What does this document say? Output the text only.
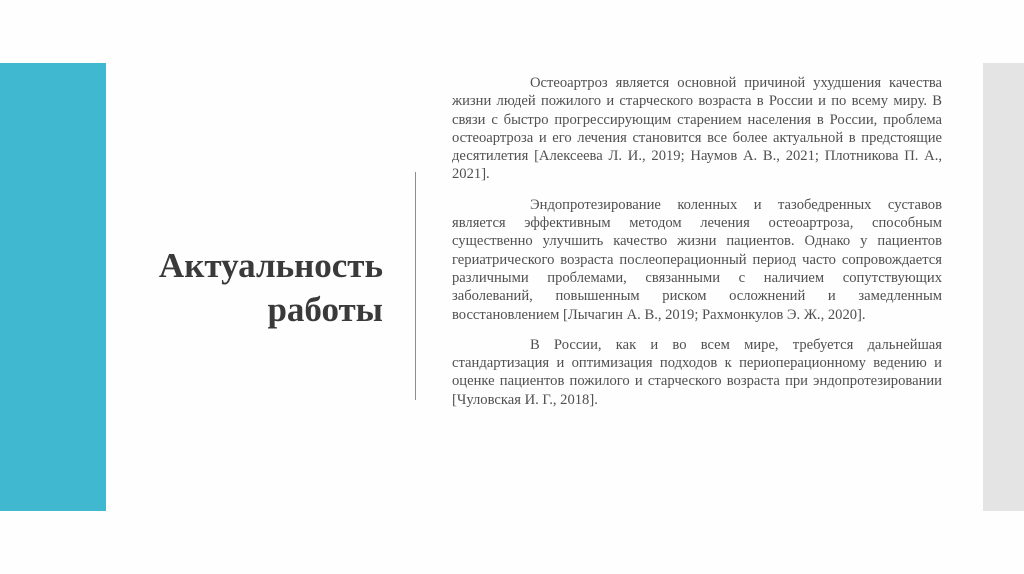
Актуальность
работы

Остеоартроз является основной причиной ухудшения качества жизни людей пожилого и старческого возраста в России и по всему миру. В связи с быстро прогрессирующим старением населения в России, проблема остеоартроза и его лечения становится все более актуальной в предстоящие десятилетия [Алексеева Л. И., 2019; Наумов А. В., 2021; Плотникова П. А., 2021].

Эндопротезирование коленных и тазобедренных суставов является эффективным методом лечения остеоартроза, способным существенно улучшить качество жизни пациентов. Однако у пациентов гериатрического возраста послеоперационный период часто сопровождается различными проблемами, связанными с наличием сопутствующих заболеваний, повышенным риском осложнений и замедленным восстановлением [Лычагин А. В., 2019; Рахмонкулов Э. Ж., 2020].

В России, как и во всем мире, требуется дальнейшая стандартизация и оптимизация подходов к периоперационному ведению и оценке пациентов пожилого и старческого возраста при эндопротезировании [Чуловская И. Г., 2018].
